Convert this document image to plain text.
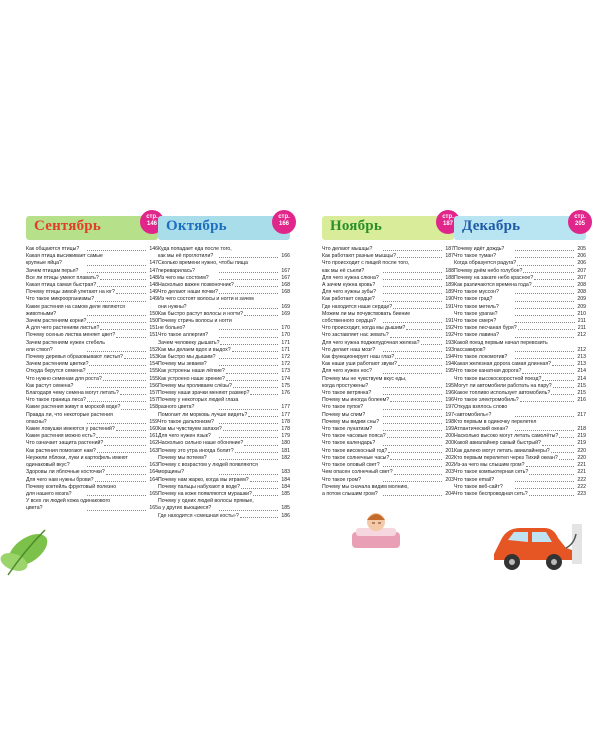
Сентябрь
стр.
146
Как общаются птицы?	146
Какая птица высиживает самые
крупные яйца?	147
Зачем птицам перья?	147
Все ли птицы умеют плавать?	148
Какая птица самая быстрая?	148
Почему птицы зимой улетают на юг?	149
Что такое микроорганизмы?	149
Какие растения на самом деле являются
животными?	150
Зачем растениям корни?	150
А для чего растениям листья?	151
Почему осенью листва меняет цвет?	151
Зачем растениям нужен стебель
или ствол?	152
Почему деревья образовывают листья?	153
Зачем растениям цветки?	154
Откуда берутся семена?	155
Что нужно семенам для роста?	155
Как растут семена?	156
Благодаря чему семена могут летать?	157
Что такое граница леса?	157
Какие растения живут в морской воде?	158
Правда ли, что некоторые растения
опасны?	159
Какие ловушки имеются у растений?	160
Какие растения можно есть?	161
Что означает защита растений?	162
Как растения помогают нам?	163
Неужели яблоки, луки и картофель имеют
одинаковый вкус?	163
Здоровы ли яблочные косточки?	164
Для чего нам нужны брови?	164
Почему коктейль фруктовый полезно
для нашего мозга?	165
У всех ли людей кожа одинакового
цвета?	165
Октябрь
стр.
166
Куда попадает еда после того,
как мы её проглотили?	166
Сколько времени нужно, чтобы пища
переварилась?	167
Из чего мы состоим?	167
Насколько важен позвоночник?	168
Что делают наши почки?	168
Из чего состоят волосы и ногти и зачем
они нужны?	169
Как быстро растут волосы и ногти?	169
Почему стричь волосы и ногти
не больно?	170
Что такое аллергия?	170
Зачем человеку дышать?	171
Как мы делаем вдох и выдох?	171
Как быстро мы дышим?	172
Почему мы зеваем?	172
Как устроены наши лёгкие?	173
Как устроено наше зрение?	174
Почему мы проливаем слёзы?	175
Почему наши зрачки меняют размер?	176
Почему у некоторых людей глаза
разного цвета?	177
Помогает ли морковь лучше видеть?	177
Что такое дальтонизм?	178
Как мы чувствуем запахи?	178
Для чего нужен язык?	179
Насколько сильно наше обоняние?	180
Почему это утра иногда болит?	181
Почему мы потеем?	182
Почему с возрастом у людей появляются
морщины?	183
Почему нам жарко, когда мы играем?	184
Почему пальцы набухают в воде?	184
Почему на коже появляются мурашки?	185
Почему у одних людей волосы прямые,
а у других вьющиеся?	185
Где находится «смешная кость»?	186
Ноябрь
стр.
187
Что делают мышцы?	187
Как работают разные мышцы?	187
Что происходит с пищей после того,
как мы её съели?	188
Для чего нужна слюна?	188
А зачем нужна кровь?	189
Для чего нужны зубы?	189
Как работает сердце?	190
Где находится наше сердце?	191
Можем ли мы почувствовать биение
собственного сердца?	191
Что происходит, когда мы дышим?	192
Что заставляет нас зевать?	192
Для чего нужна поджелудочная железа?	193
Что делает наш мозг?	193
Как функционирует наш глаз?	194
Как наши уши работают звуки?	194
Для чего нужен нос?	195
Почему мы не чувствуем вкус еды,
когда простужены?	195
Что такое ветрянка?	196
Почему мы иногда болеем?	196
Что такое пупок?	197
Почему мы спим?	197
Почему мы видим сны?	198
Что такое лунатизм?	199
Что такое часовые пояса?	200
Что такое календарь?	200
Что такое високосный год?	201
Что такое солнечные часы?	202
Что такое оловый свет?	202
Чем опасен солнечный свет?	203
Что такое гром?	203
Почему мы сначала видим молнию,
а потом слышим гром?	204
Декабрь
стр.
205
Почему идёт дождь?	205
Что такое туман?	206
Когда образуется радуга?	206
Почему днём небо голубое?	207
Почему на закате небо красное?	207
Как различаются времена года?	208
Что такое муссон?	208
Что такое град?	209
Что такое метель?	209
Что такое ураган?	210
Что такое смерч?	211
Что такое песчаная буря?	211
Что такое лавина?	212
Какой поезд первым начал перевозить
пассажиров?	212
Что такое локомотив?	213
Какая железная дорога самая длинная?	213
Что такое канатная дорога?	214
Что такое высокоскоростной поезд?	214
Могут ли автомобили работать на пару?	215
Какое топливо использует автомобиль?	215
Что такое электромобиль?	216
Откуда взялось слово
«автомобиль»?	217
Кто первым в одиночку перелетел
Атлантический океан?	218
Насколько высоко могут летать самолёты?	219
Какой авиалайнер самый быстрый?	219
Как далеко могут летать авиалайнеры?	220
Кто первым перелетел через Тихий океан?	220
Из-за чего мы слышим гром?	221
Что такое компьютерная сеть?	221
Что такое email?	222
Что такое веб-сайт?	222
Что такое беспроводная сеть?	223
